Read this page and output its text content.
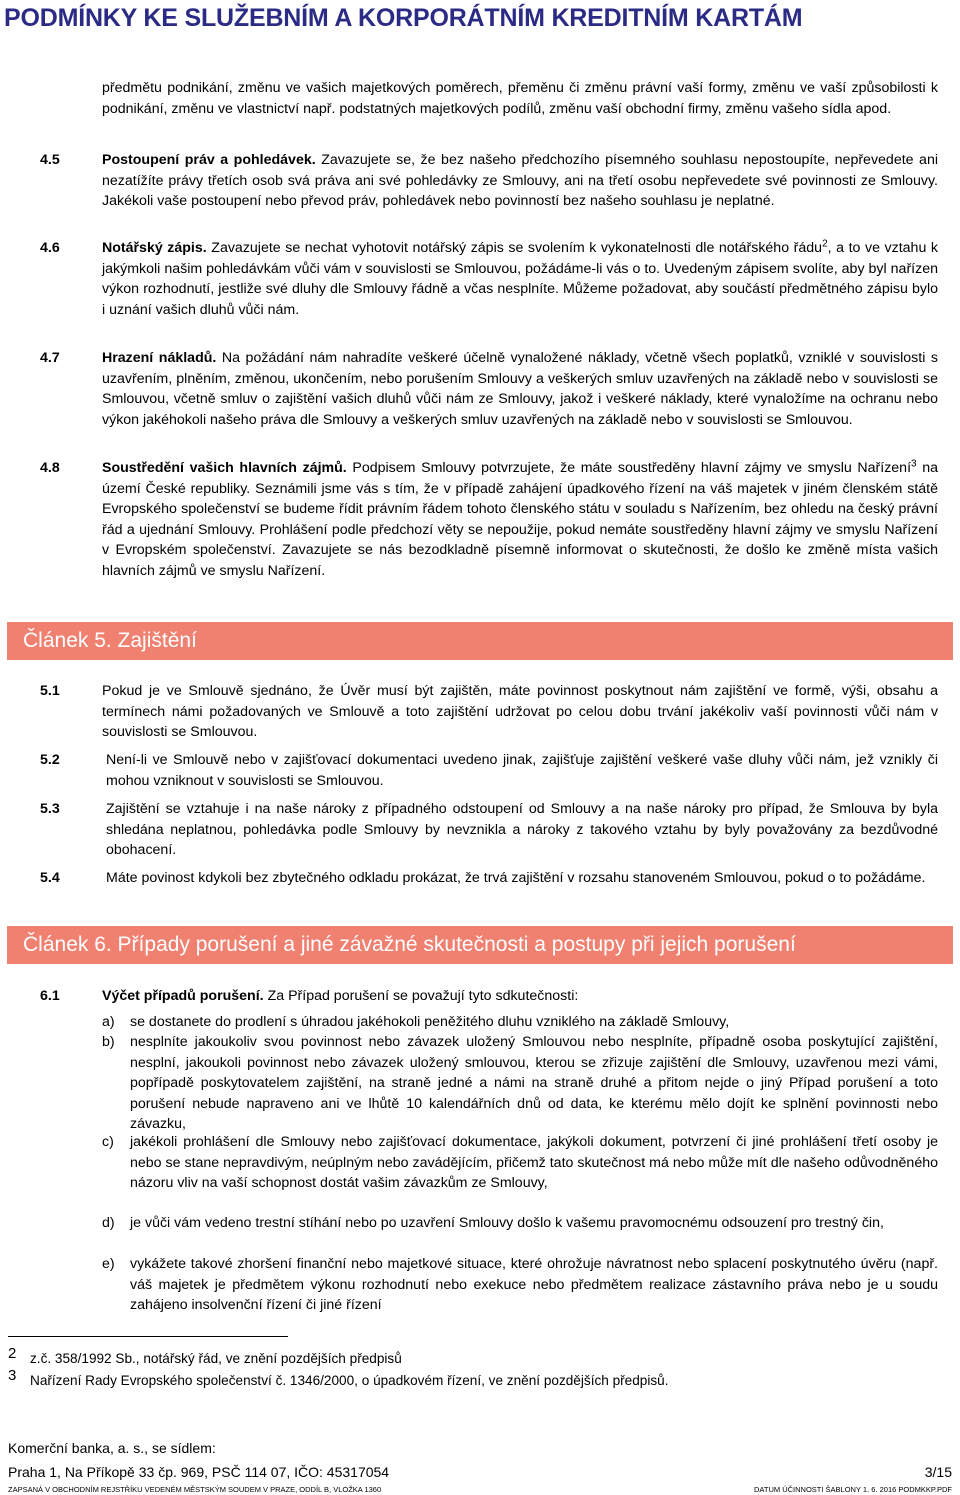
PODMÍNKY KE SLUŽEBNÍM A KORPORÁTNÍM KREDITNÍM KARTÁM
předmětu podnikání, změnu ve vašich majetkových poměrech, přeměnu či změnu právní vaší formy, změnu ve vaší způsobilosti k podnikání, změnu ve vlastnictví např. podstatných majetkových podílů, změnu vaší obchodní firmy, změnu vašeho sídla apod.
4.5	Postoupení práv a pohledávek. Zavazujete se, že bez našeho předchozího písemného souhlasu nepostoupíte, nepřevedete ani nezatížíte právy třetích osob svá práva ani své pohledávky ze Smlouvy, ani na třetí osobu nepřevedete své povinnosti ze Smlouvy. Jakékoli vaše postoupení nebo převod práv, pohledávek nebo povinností bez našeho souhlasu je neplatné.
4.6	Notářský zápis. Zavazujete se nechat vyhotovit notářský zápis se svolením k vykonatelnosti dle notářského řádu$^2$, a to ve vztahu k jakýmkoli našim pohledávkám vůči vám v souvislosti se Smlouvou, požádáme-li vás o to. Uvedeným zápisem svolíte, aby byl nařízen výkon rozhodnutí, jestliže své dluhy dle Smlouvy řádně a včas nesplníte. Můžeme požadovat, aby součástí předmětného zápisu bylo i uznání vašich dluhů vůči nám.
4.7	Hrazení nákladů. Na požádání nám nahradíte veškeré účelně vynaložené náklady, včetně všech poplatků, vzniklé v souvislosti s uzavřením, plněním, změnou, ukončením, nebo porušením Smlouvy a veškerých smluv uzavřených na základě nebo v souvislosti se Smlouvou, včetně smluv o zajištění vašich dluhů vůči nám ze Smlouvy, jakož i veškeré náklady, které vynaložíme na ochranu nebo výkon jakéhokoli našeho práva dle Smlouvy a veškerých smluv uzavřených na základě nebo v souvislosti se Smlouvou.
4.8	Soustředění vašich hlavních zájmů. Podpisem Smlouvy potvrzujete, že máte soustředěny hlavní zájmy ve smyslu Nařízení$^3$ na území České republiky. Seznámili jsme vás s tím, že v případě zahájení úpadkového řízení na váš majetek v jiném členském státě Evropského společenství se budeme řídit právním řádem tohoto členského státu v souladu s Nařízením, bez ohledu na český právní řád a ujednání Smlouvy. Prohlášení podle předchozí věty se nepoužije, pokud nemáte soustředěny hlavní zájmy ve smyslu Nařízení v Evropském společenství. Zavazujete se nás bezodkladně písemně informovat o skutečnosti, že došlo ke změně místa vašich hlavních zájmů ve smyslu Nařízení.
Článek 5. Zajištění
5.1	Pokud je ve Smlouvě sjednáno, že Úvěr musí být zajištěn, máte povinnost poskytnout nám zajištění ve formě, výši, obsahu a termínech námi požadovaných ve Smlouvě a toto zajištění udržovat po celou dobu trvání jakékoliv vaší povinnosti vůči nám v souvislosti se Smlouvou.
5.2	Není-li ve Smlouvě nebo v zajišťovací dokumentaci uvedeno jinak, zajišťuje zajištění veškeré vaše dluhy vůči nám, jež vznikly či mohou vzniknout v souvislosti se Smlouvou.
5.3	Zajištění se vztahuje i na naše nároky z případného odstoupení od Smlouvy a na naše nároky pro případ, že Smlouva by byla shledána neplatnou, pohledávka podle Smlouvy by nevznikla a nároky z takového vztahu by byly považovány za bezdůvodné obohacení.
5.4	Máte povinost kdykoli bez zbytečného odkladu prokázat, že trvá zajištění v rozsahu stanoveném Smlouvou, pokud o to požádáme.
Článek 6. Případy porušení a jiné závažné skutečnosti a postupy při jejich porušení
6.1	Výčet případů porušení. Za Případ porušení se považují tyto sdkutečnosti:
a) se dostanete do prodlení s úhradou jakéhokoli peněžitého dluhu vzniklého na základě Smlouvy,
b) nesplníte jakoukoliv svou povinnost nebo závazek uložený Smlouvou nebo nesplníte, případně osoba poskytující zajištění, nesplní, jakoukoli povinnost nebo závazek uložený smlouvou, kterou se zřizuje zajištění dle Smlouvy, uzavřenou mezi vámi, popřípadě poskytovatelem zajištění, na straně jedné a námi na straně druhé a přitom nejde o jiný Případ porušení a toto porušení nebude napraveno ani ve lhůtě 10 kalendářních dnů od data, ke kterému mělo dojít ke splnění povinnosti nebo závazku,
c) jakékoli prohlášení dle Smlouvy nebo zajišťovací dokumentace, jakýkoli dokument, potvrzení či jiné prohlášení třetí osoby je nebo se stane nepravdivým, neúplným nebo zavádějícím, přičemž tato skutečnost má nebo může mít dle našeho odůvodněného názoru vliv na vaší schopnost dostát vašim závazkům ze Smlouvy,
d) je vůči vám vedeno trestní stíhání nebo po uzavření Smlouvy došlo k vašemu pravomocnému odsouzení pro trestný čin,
e) vykážete takové zhoršení finanční nebo majetkové situace, které ohrožuje návratnost nebo splacení poskytnutého úvěru (např. váš majetek je předmětem výkonu rozhodnutí nebo exekuce nebo předmětem realizace zástavního práva nebo je u soudu zahájeno insolvenční řízení či jiné řízení
2 z.č. 358/1992 Sb., notářský řád, ve znění pozdějších předpisů
3 Nařízení Rady Evropského společenství č. 1346/2000, o úpadkovém řízení, ve znění pozdějších předpisů.
Komerční banka, a. s., se sídlem:
Praha 1, Na Příkopě 33 čp. 969, PSČ 114 07, IČO: 45317054	3/15
ZAPSANÁ V OBCHODNÍM REJSTŘÍKU VEDENÉM MĚSTSKÝM SOUDEM V PRAZE, ODDÍL B, VLOŽKA 1360	DATUM ÚČINNOSTI ŠABLONY 1. 6. 2016 PODMKKP.PDF
